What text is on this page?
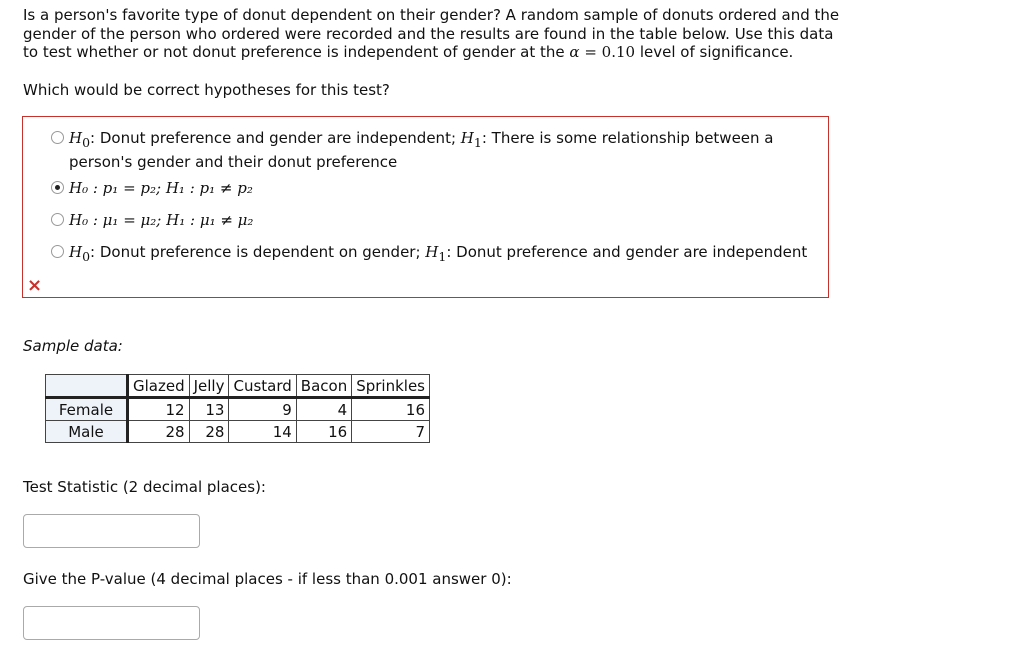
Is a person's favorite type of donut dependent on their gender? A random sample of donuts ordered and the gender of the person who ordered were recorded and the results are found in the table below. Use this data to test whether or not donut preference is independent of gender at the α = 0.10 level of significance.
Which would be correct hypotheses for this test?
$H_0$: Donut preference and gender are independent; $H_1$: There is some relationship between a person's gender and their donut preference
H₀ : p₁ = p₂; H₁ : p₁ ≠ p₂
H₀ : μ₁ = μ₂; H₁ : μ₁ ≠ μ₂
$H_0$: Donut preference is dependent on gender; $H_1$: Donut preference and gender are independent
×
Sample data:
	Glazed	Jelly	Custard	Bacon	Sprinkles
Female	12	13	9	4	16
Male	28	28	14	16	7
Test Statistic (2 decimal places):
Give the P-value (4 decimal places - if less than 0.001 answer 0):
